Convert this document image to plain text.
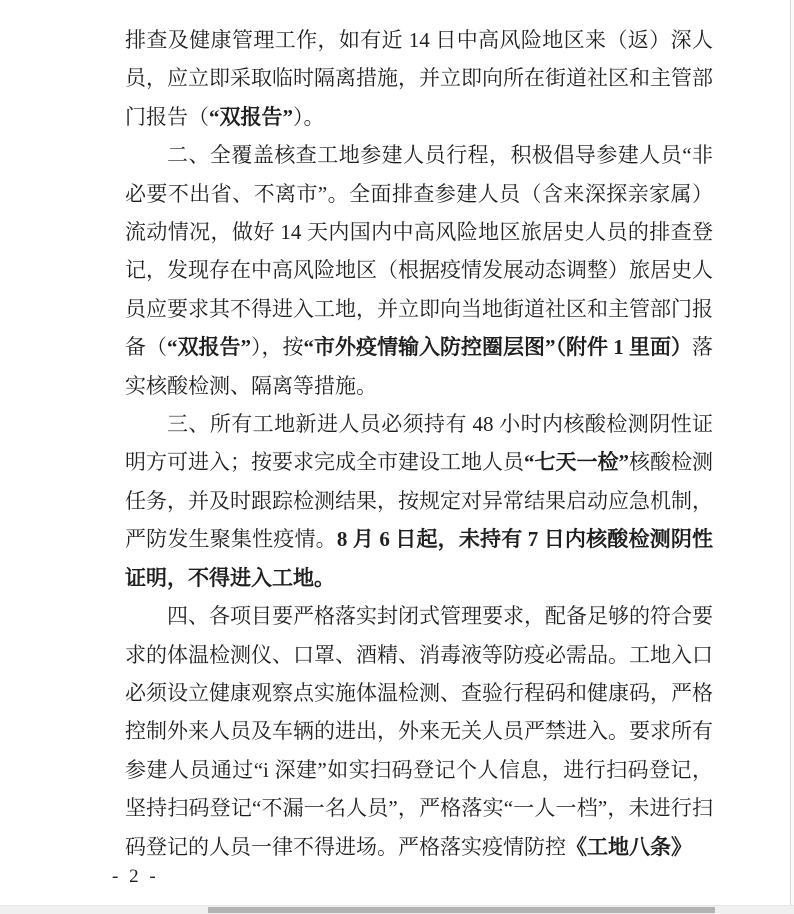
排查及健康管理工作，如有近 14 日中高风险地区来（返）深人员，应立即采取临时隔离措施，并立即向所在街道社区和主管部门报告（“双报告”）。

二、全覆盖核查工地参建人员行程，积极倡导参建人员“非必要不出省、不离市”。全面排查参建人员（含来深探亲家属）流动情况，做好 14 天内国内中高风险地区旅居史人员的排查登记，发现存在中高风险地区（根据疫情发展动态调整）旅居史人员应要求其不得进入工地，并立即向当地街道社区和主管部门报备（“双报告”），按“市外疫情输入防控圈层图”（附件 1 里面）落实核酸检测、隔离等措施。

三、所有工地新进人员必须持有 48 小时内核酸检测阴性证明方可进入；按要求完成全市建设工地人员“七天一检”核酸检测任务，并及时跟踪检测结果，按规定对异常结果启动应急机制，严防发生聚集性疫情。8 月 6 日起，未持有 7 日内核酸检测阴性证明，不得进入工地。

四、各项目要严格落实封闭式管理要求，配备足够的符合要求的体温检测仪、口罩、酒精、消毒液等防疫必需品。工地入口必须设立健康观察点实施体温检测、查验行程码和健康码，严格控制外来人员及车辆的进出，外来无关人员严禁进入。要求所有参建人员通过“i 深建”如实扫码登记个人信息，进行扫码登记，坚持扫码登记“不漏一名人员”，严格落实“一人一档”，未进行扫码登记的人员一律不得进场。严格落实疫情防控《工地八条》

- 2 -
